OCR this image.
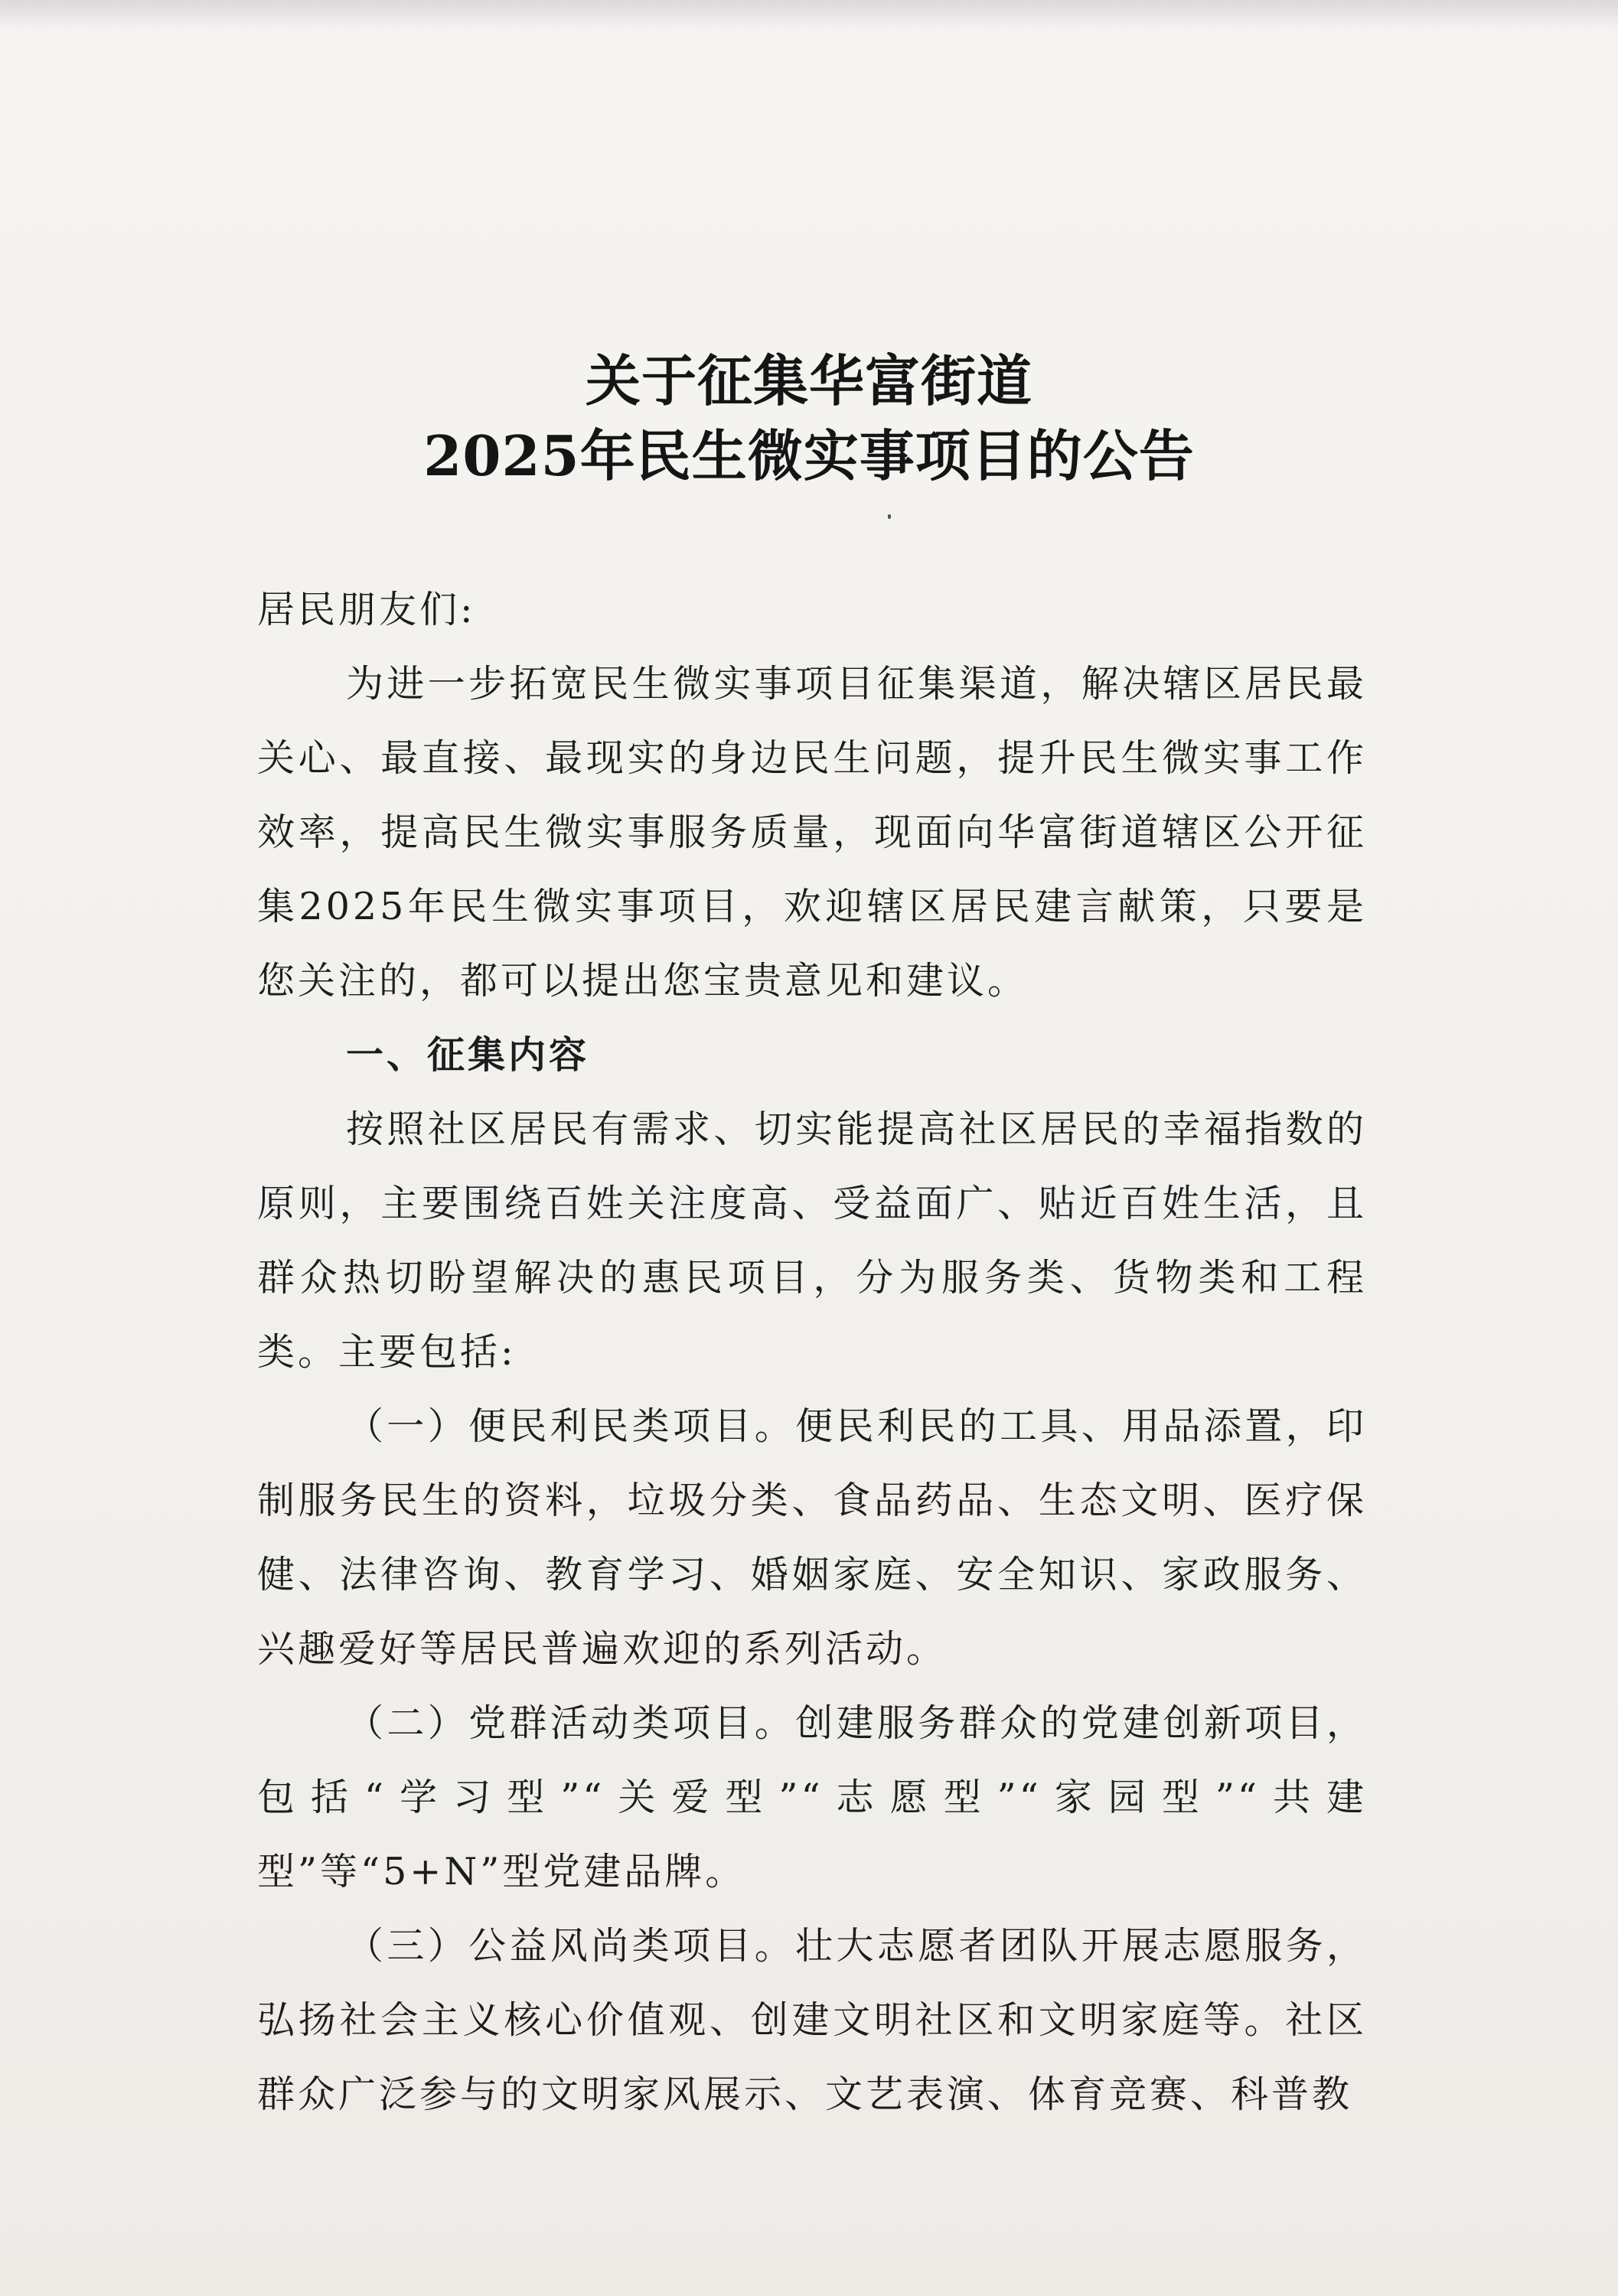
关于征集华富街道
2025年民生微实事项目的公告

居民朋友们:

为进一步拓宽民生微实事项目征集渠道，解决辖区居民最关心、最直接、最现实的身边民生问题，提升民生微实事工作效率，提高民生微实事服务质量，现面向华富街道辖区公开征集2025年民生微实事项目，欢迎辖区居民建言献策，只要是您关注的，都可以提出您宝贵意见和建议。

一、征集内容

按照社区居民有需求、切实能提高社区居民的幸福指数的原则，主要围绕百姓关注度高、受益面广、贴近百姓生活，且群众热切盼望解决的惠民项目，分为服务类、货物类和工程类。主要包括:

（一）便民利民类项目。便民利民的工具、用品添置，印制服务民生的资料，垃圾分类、食品药品、生态文明、医疗保健、法律咨询、教育学习、婚姻家庭、安全知识、家政服务、兴趣爱好等居民普遍欢迎的系列活动。

（二）党群活动类项目。创建服务群众的党建创新项目，包括“学习型”“关爱型”“志愿型”“家园型”“共建型”等“5+N”型党建品牌。

（三）公益风尚类项目。壮大志愿者团队开展志愿服务，弘扬社会主义核心价值观、创建文明社区和文明家庭等。社区群众广泛参与的文明家风展示、文艺表演、体育竞赛、科普教
